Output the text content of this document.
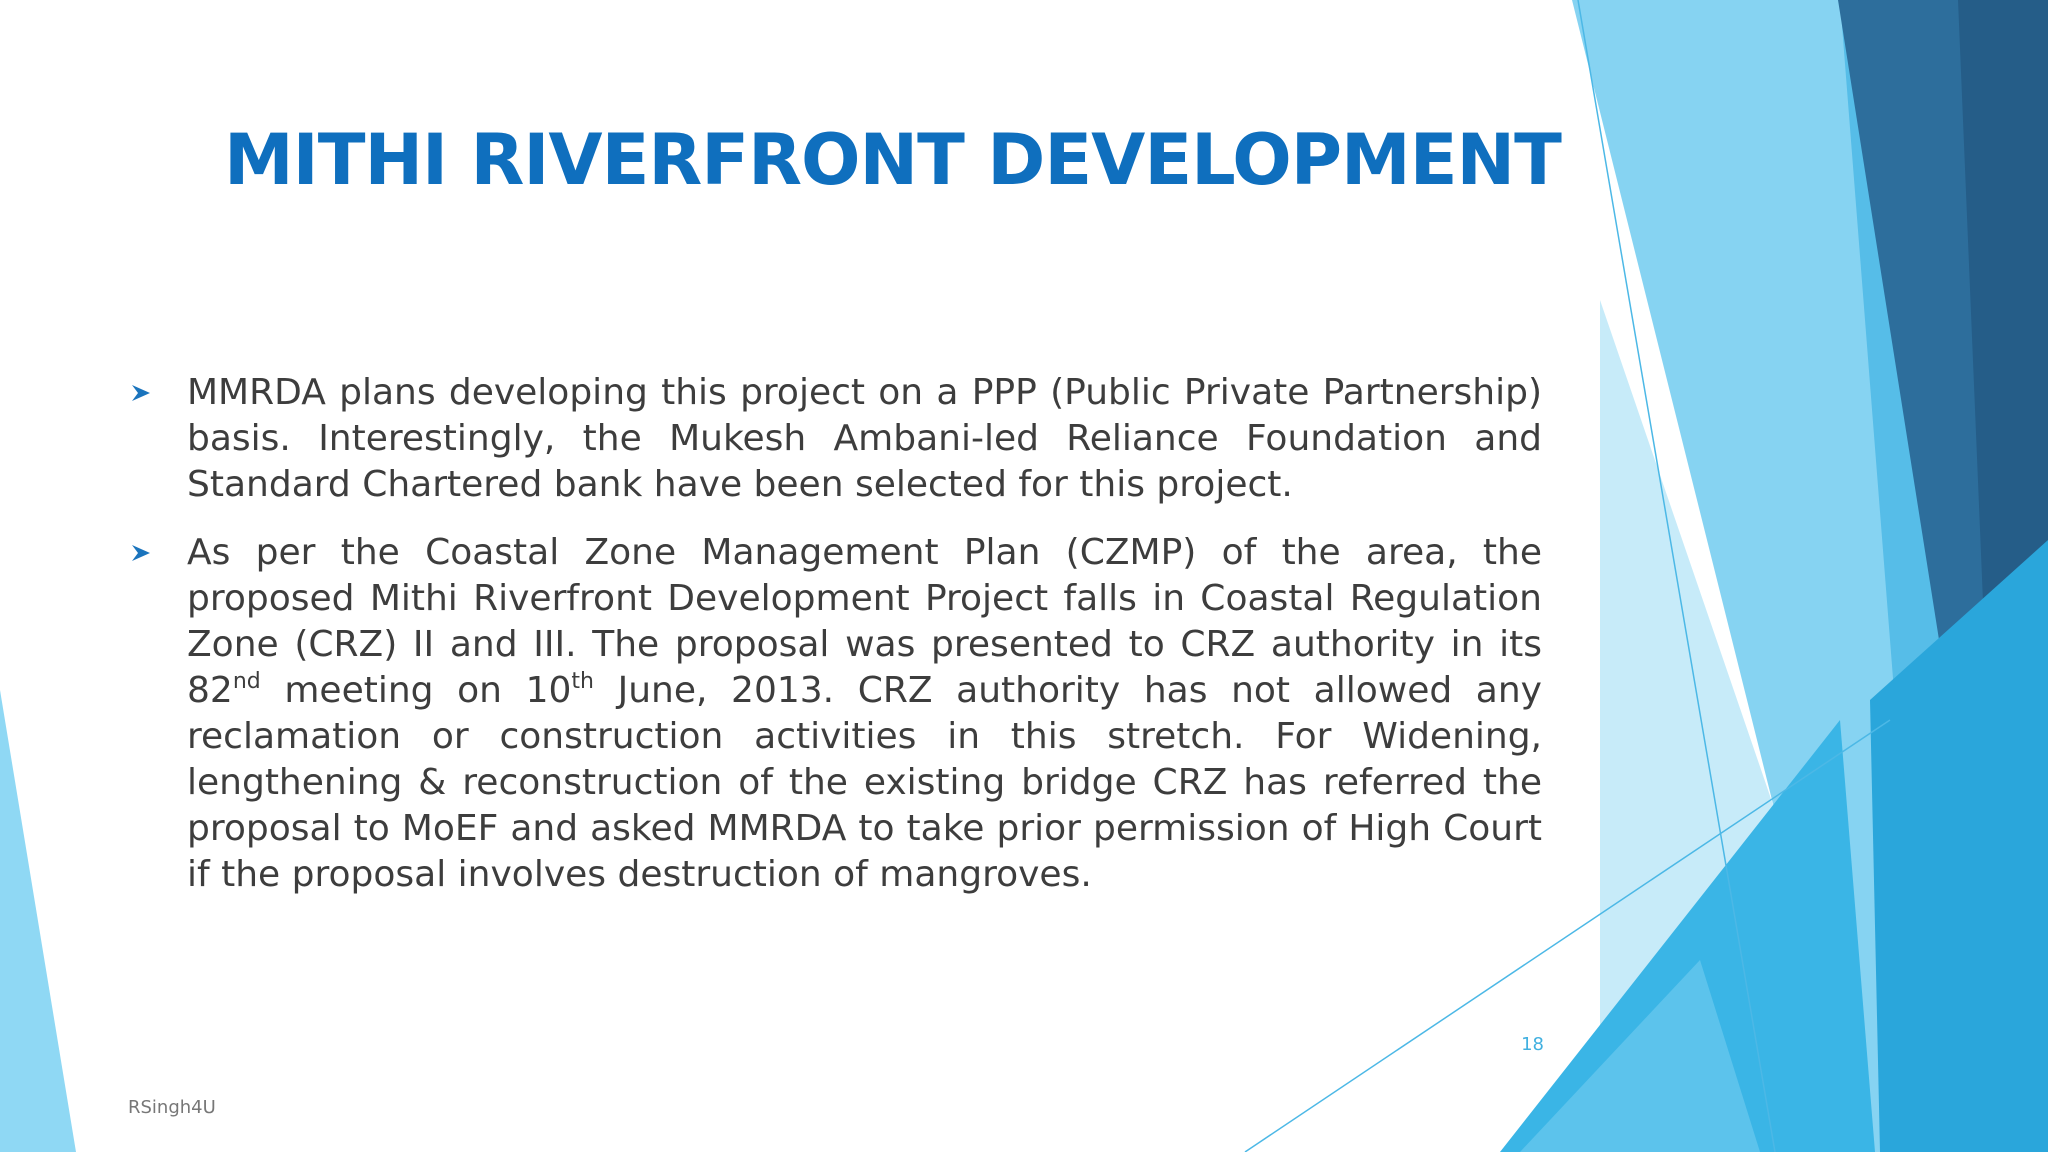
MITHI RIVERFRONT DEVELOPMENT
MMRDA plans developing this project on a PPP (Public Private Partnership) basis. Interestingly, the Mukesh Ambani-led Reliance Foundation and Standard Chartered bank have been selected for this project.
As per the Coastal Zone Management Plan (CZMP) of the area, the proposed Mithi Riverfront Development Project falls in Coastal Regulation Zone (CRZ) II and III. The proposal was presented to CRZ authority in its 82nd meeting on 10th June, 2013. CRZ authority has not allowed any reclamation or construction activities in this stretch. For Widening, lengthening & reconstruction of the existing bridge CRZ has referred the proposal to MoEF and asked MMRDA to take prior permission of High Court if the proposal involves destruction of mangroves.
18
RSingh4U
